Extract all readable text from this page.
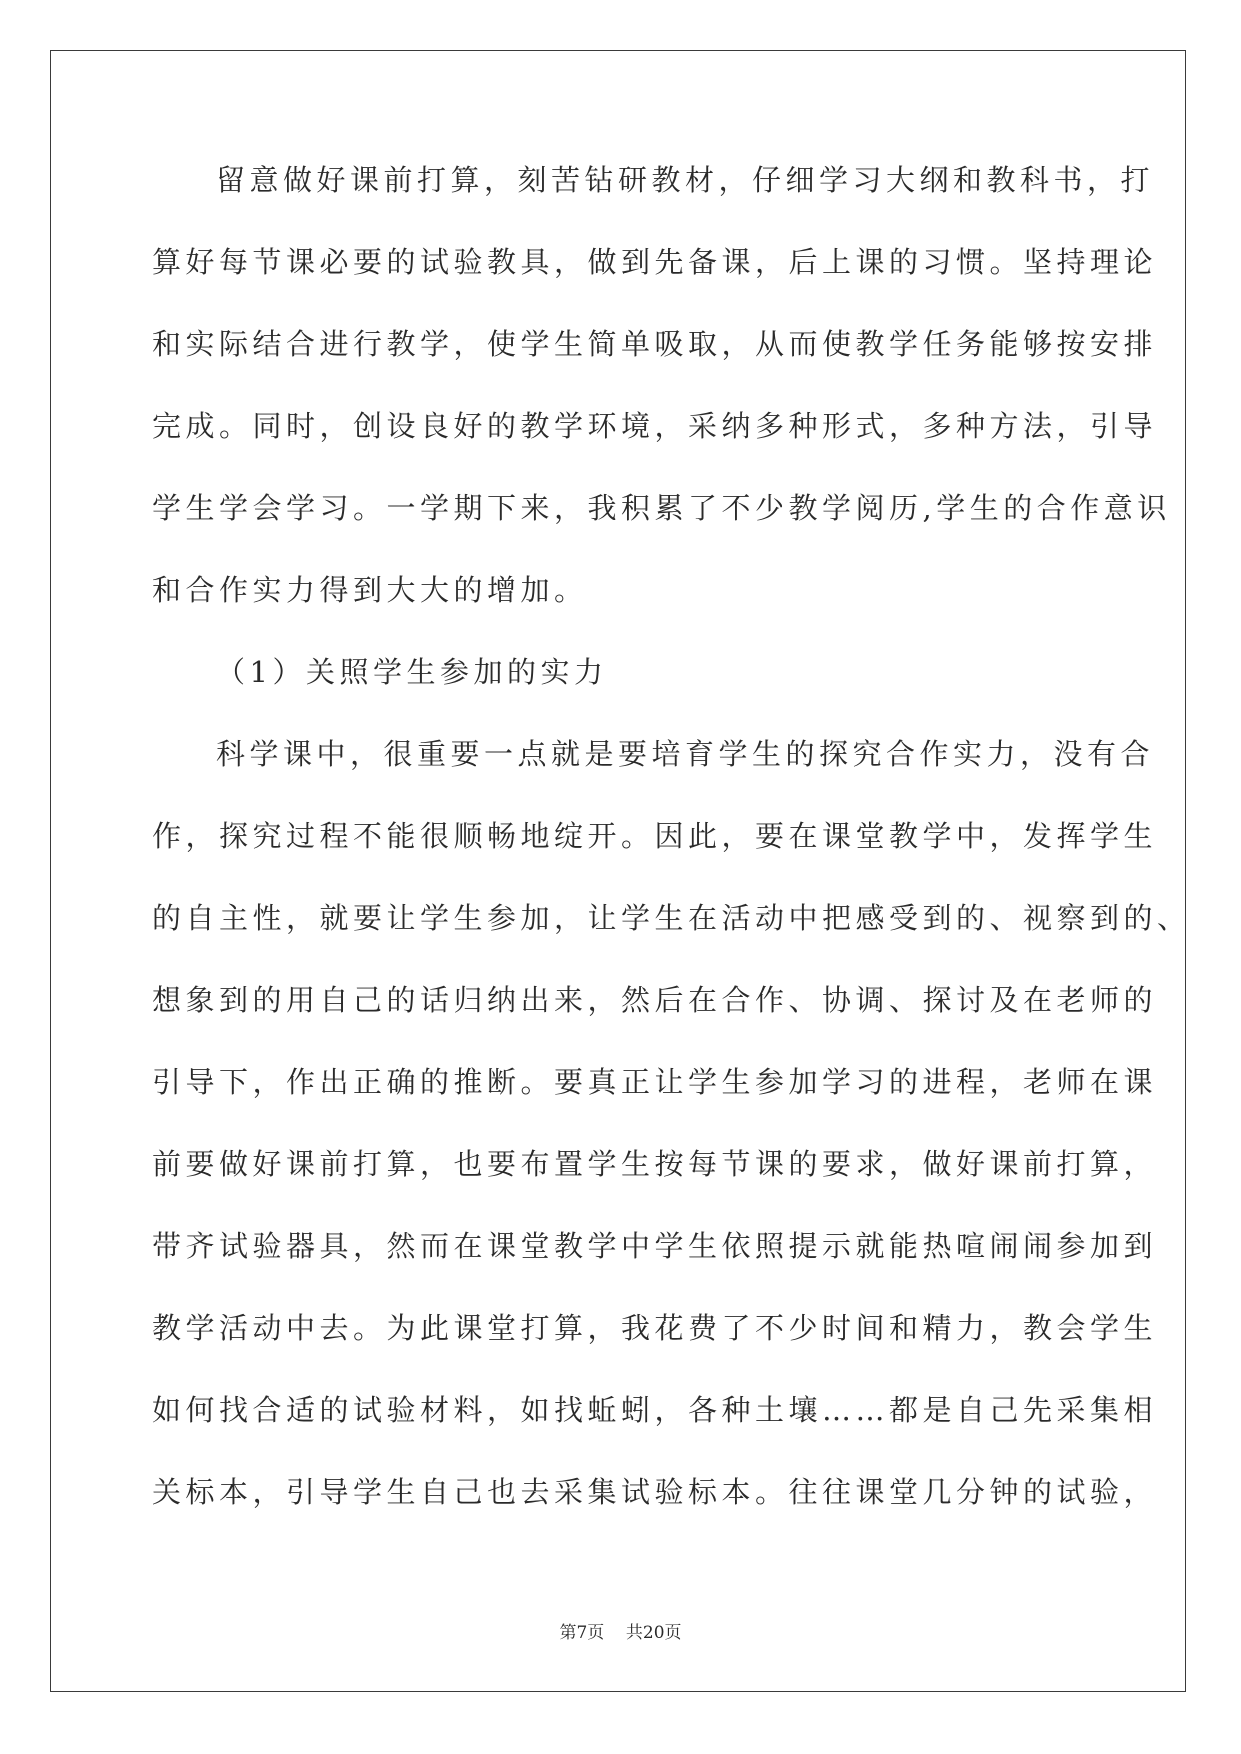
留意做好课前打算，刻苦钻研教材，仔细学习大纲和教科书，打
算好每节课必要的试验教具，做到先备课，后上课的习惯。坚持理论
和实际结合进行教学，使学生简单吸取，从而使教学任务能够按安排
完成。同时，创设良好的教学环境，采纳多种形式，多种方法，引导
学生学会学习。一学期下来，我积累了不少教学阅历,学生的合作意识
和合作实力得到大大的增加。
（1）关照学生参加的实力
科学课中，很重要一点就是要培育学生的探究合作实力，没有合
作，探究过程不能很顺畅地绽开。因此，要在课堂教学中，发挥学生
的自主性，就要让学生参加，让学生在活动中把感受到的、视察到的、
想象到的用自己的话归纳出来，然后在合作、协调、探讨及在老师的
引导下，作出正确的推断。要真正让学生参加学习的进程，老师在课
前要做好课前打算，也要布置学生按每节课的要求，做好课前打算，
带齐试验器具，然而在课堂教学中学生依照提示就能热喧闹闹参加到
教学活动中去。为此课堂打算，我花费了不少时间和精力，教会学生
如何找合适的试验材料，如找蚯蚓，各种土壤……都是自己先采集相
关标本，引导学生自己也去采集试验标本。往往课堂几分钟的试验，
第7页    共20页
